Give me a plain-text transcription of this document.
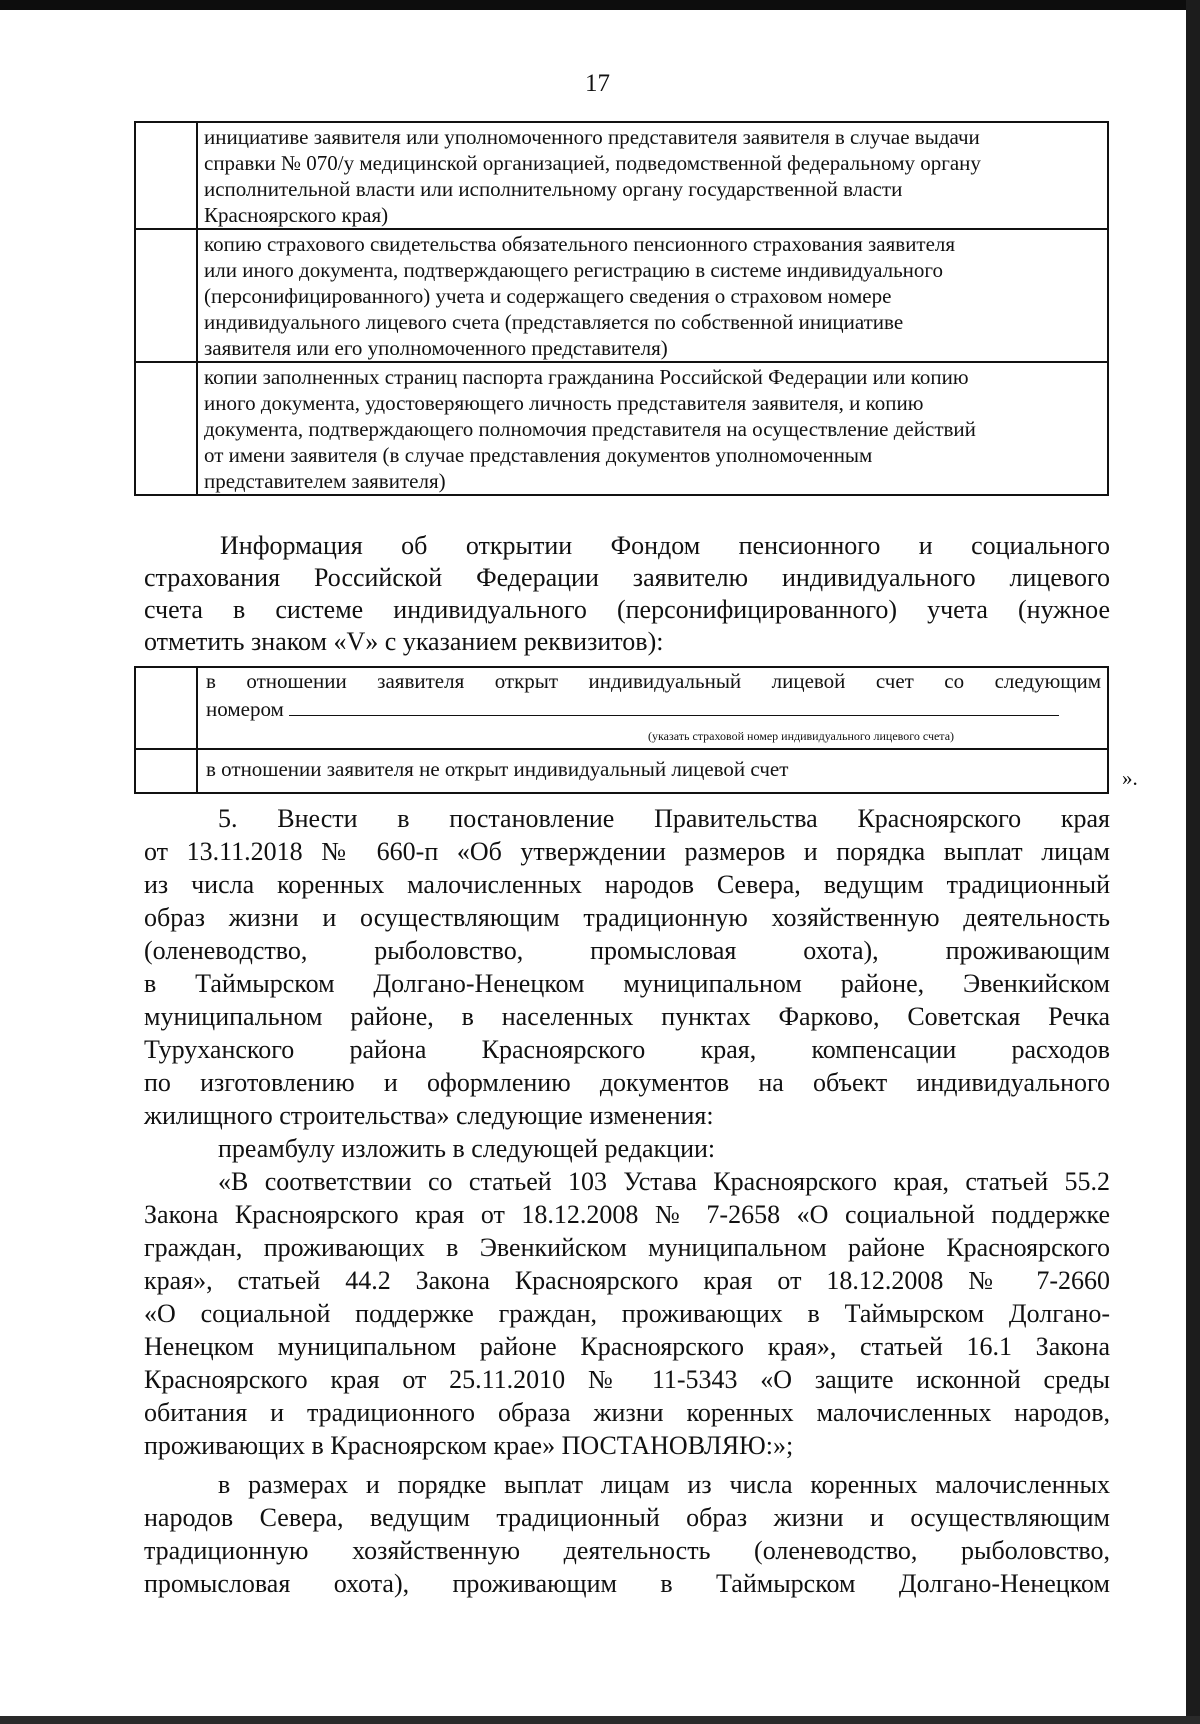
17

	инициативе заявителя или уполномоченного представителя заявителя в случае выдачи
справки № 070/у медицинской организацией, подведомственной федеральному органу
исполнительной власти или исполнительному органу государственной власти
Красноярского края)

	копию страхового свидетельства обязательного пенсионного страхования заявителя
или иного документа, подтверждающего регистрацию в системе индивидуального
(персонифицированного) учета и содержащего сведения о страховом номере
индивидуального лицевого счета (представляется по собственной инициативе
заявителя или его уполномоченного представителя)

	копии заполненных страниц паспорта гражданина Российской Федерации или копию
иного документа, удостоверяющего личность представителя заявителя, и копию
документа, подтверждающего полномочия представителя на осуществление действий
от имени заявителя (в случае представления документов уполномоченным
представителем заявителя)
Информация об открытии Фондом пенсионного и социального
страхования Российской Федерации заявителю индивидуального лицевого
счета в системе индивидуального (персонифицированного) учета (нужное
отметить знаком «V» с указанием реквизитов):

	в отношении заявителя открыт индивидуальный лицевой счет со следующим
номером
(указать страховой номер индивидуального лицевого счета)

	в отношении заявителя не открыт индивидуальный лицевой счет	».
5. Внести в постановление Правительства Красноярского края
от 13.11.2018 № 660-п «Об утверждении размеров и порядка выплат лицам
из числа коренных малочисленных народов Севера, ведущим традиционный
образ жизни и осуществляющим традиционную хозяйственную деятельность
(оленеводство, рыболовство, промысловая охота), проживающим
в Таймырском Долгано-Ненецком муниципальном районе, Эвенкийском
муниципальном районе, в населенных пунктах Фарково, Советская Речка
Туруханского района Красноярского края, компенсации расходов
по изготовлению и оформлению документов на объект индивидуального
жилищного строительства» следующие изменения:
преамбулу изложить в следующей редакции:
«В соответствии со статьей 103 Устава Красноярского края, статьей 55.2
Закона Красноярского края от 18.12.2008 № 7-2658 «О социальной поддержке
граждан, проживающих в Эвенкийском муниципальном районе Красноярского
края», статьей 44.2 Закона Красноярского края от 18.12.2008 № 7-2660
«О социальной поддержке граждан, проживающих в Таймырском Долгано-
Ненецком муниципальном районе Красноярского края», статьей 16.1 Закона
Красноярского края от 25.11.2010 № 11-5343 «О защите исконной среды
обитания и традиционного образа жизни коренных малочисленных народов,
проживающих в Красноярском крае» ПОСТАНОВЛЯЮ:»;
в размерах и порядке выплат лицам из числа коренных малочисленных
народов Севера, ведущим традиционный образ жизни и осуществляющим
традиционную хозяйственную деятельность (оленеводство, рыболовство,
промысловая охота), проживающим в Таймырском Долгано-Ненецком
